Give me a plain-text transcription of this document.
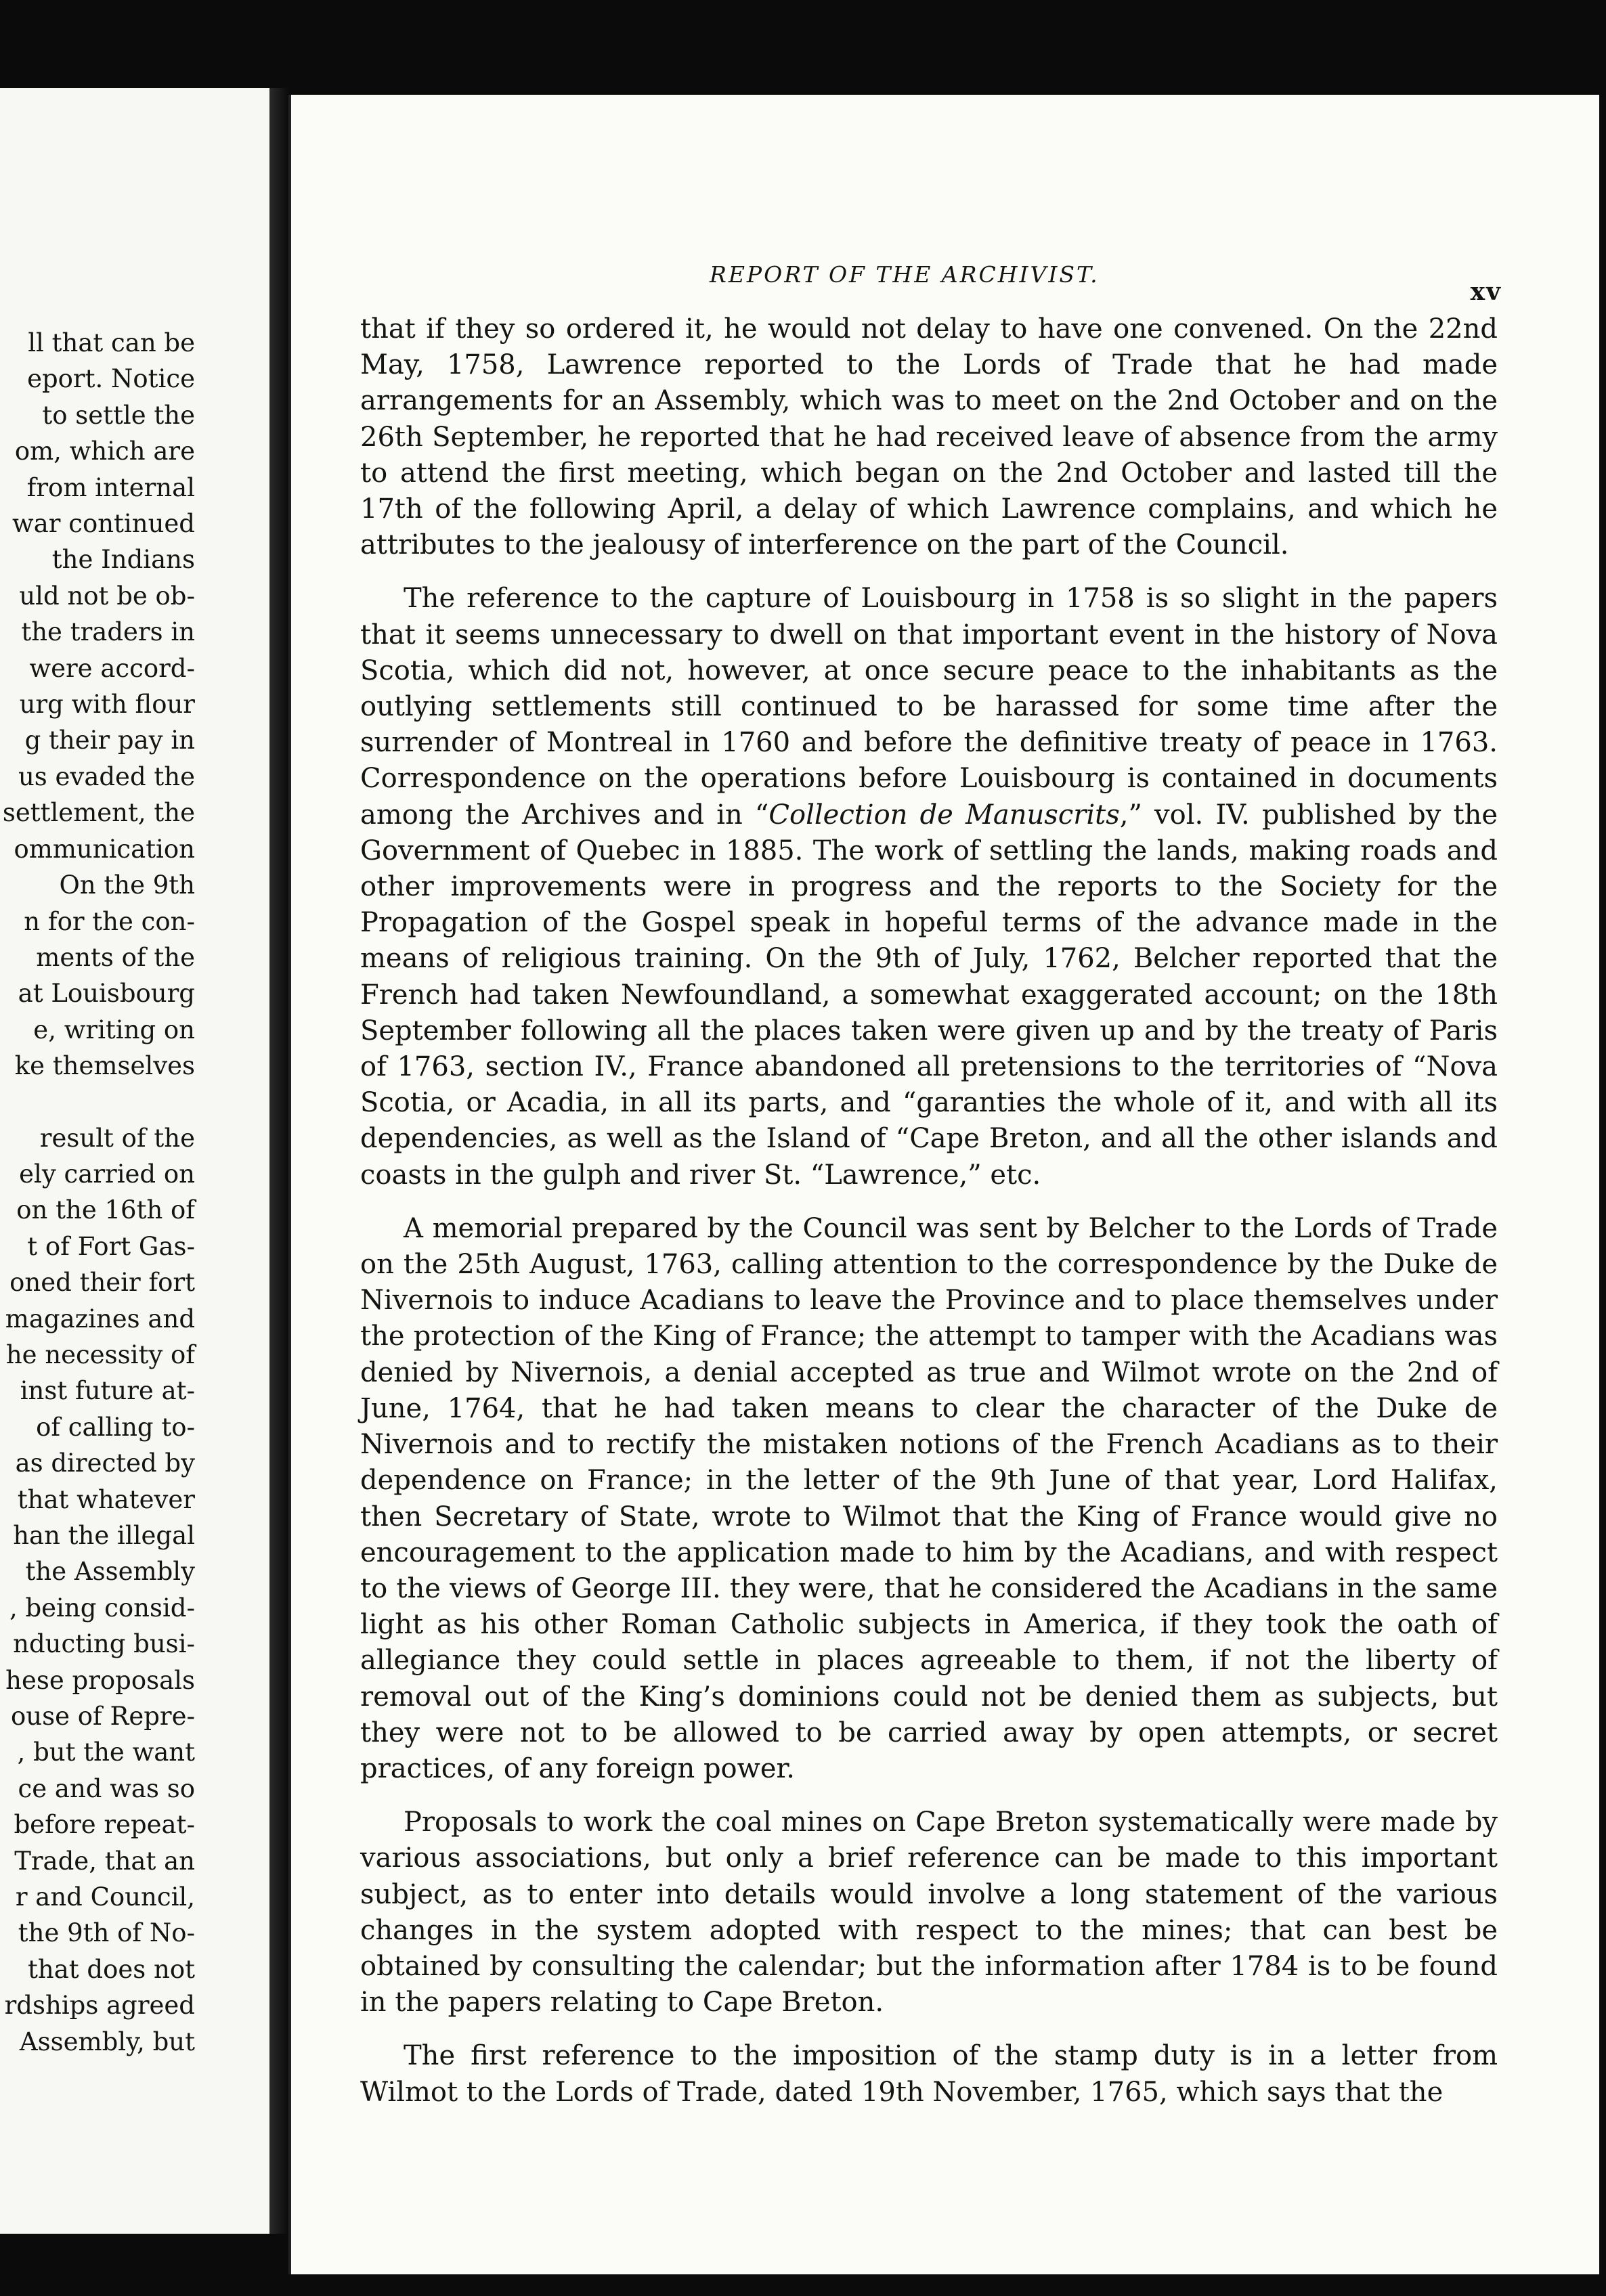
ll that can be
eport. Notice
to settle the
om, which are
from internal
war continued
the Indians
uld not be ob-
the traders in
were accord-
urg with flour
g their pay in
us evaded the
settlement, the
ommunication
On the 9th
n for the con-
ments of the
at Louisbourg
e, writing on
ke themselves
result of the
ely carried on
on the 16th of
t of Fort Gas-
oned their fort
magazines and
he necessity of
inst future at-
of calling to-
as directed by
that whatever
han the illegal
the Assembly
, being consid-
nducting busi-
hese proposals
ouse of Repre-
, but the want
ce and was so
before repeat-
Trade, that an
r and Council,
the 9th of No-
that does not
rdships agreed
Assembly, but
REPORT OF THE ARCHIVIST.
xv

that if they so ordered it, he would not delay to have one convened. On the 22nd May, 1758, Lawrence reported to the Lords of Trade that he had made arrangements for an Assembly, which was to meet on the 2nd October and on the 26th September, he reported that he had received leave of absence from the army to attend the first meeting, which began on the 2nd October and lasted till the 17th of the following April, a delay of which Lawrence complains, and which he attributes to the jealousy of interference on the part of the Council.

The reference to the capture of Louisbourg in 1758 is so slight in the papers that it seems unnecessary to dwell on that important event in the history of Nova Scotia, which did not, however, at once secure peace to the inhabitants as the outlying settlements still continued to be harassed for some time after the surrender of Montreal in 1760 and before the definitive treaty of peace in 1763. Correspondence on the operations before Louisbourg is contained in documents among the Archives and in “Collection de Manuscrits,” vol. IV. published by the Government of Quebec in 1885. The work of settling the lands, making roads and other improvements were in progress and the reports to the Society for the Propagation of the Gospel speak in hopeful terms of the advance made in the means of religious training. On the 9th of July, 1762, Belcher reported that the French had taken Newfoundland, a somewhat exaggerated account; on the 18th September following all the places taken were given up and by the treaty of Paris of 1763, section IV., France abandoned all pretensions to the territories of “Nova Scotia, or Acadia, in all its parts, and “garanties the whole of it, and with all its dependencies, as well as the Island of “Cape Breton, and all the other islands and coasts in the gulph and river St. “Lawrence,” etc.

A memorial prepared by the Council was sent by Belcher to the Lords of Trade on the 25th August, 1763, calling attention to the correspondence by the Duke de Nivernois to induce Acadians to leave the Province and to place themselves under the protection of the King of France; the attempt to tamper with the Acadians was denied by Nivernois, a denial accepted as true and Wilmot wrote on the 2nd of June, 1764, that he had taken means to clear the character of the Duke de Nivernois and to rectify the mistaken notions of the French Acadians as to their dependence on France; in the letter of the 9th June of that year, Lord Halifax, then Secretary of State, wrote to Wilmot that the King of France would give no encouragement to the application made to him by the Acadians, and with respect to the views of George III. they were, that he considered the Acadians in the same light as his other Roman Catholic subjects in America, if they took the oath of allegiance they could settle in places agreeable to them, if not the liberty of removal out of the King’s dominions could not be denied them as subjects, but they were not to be allowed to be carried away by open attempts, or secret practices, of any foreign power.

Proposals to work the coal mines on Cape Breton systematically were made by various associations, but only a brief reference can be made to this important subject, as to enter into details would involve a long statement of the various changes in the system adopted with respect to the mines; that can best be obtained by consulting the calendar; but the information after 1784 is to be found in the papers relating to Cape Breton.

The first reference to the imposition of the stamp duty is in a letter from Wilmot to the Lords of Trade, dated 19th November, 1765, which says that the
